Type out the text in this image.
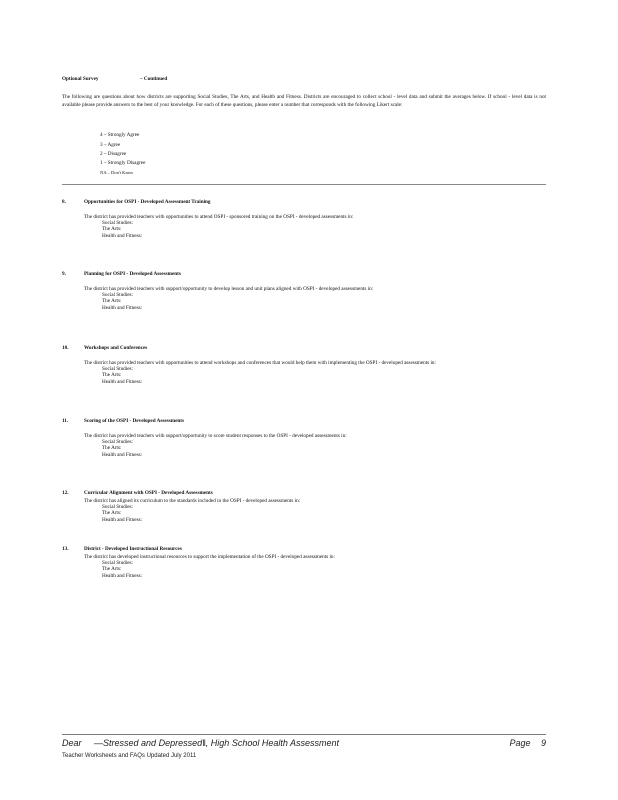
Optional Survey	– Continued
The following are questions about how districts are supporting Social Studies, The Arts, and Health and Fitness. Districts are encouraged to collect school - level data and submit the averages below. If school - level data is not available please provide answers to the best of your knowledge. For each of these questions, please enter a number that corresponds with the following Likert scale:
4 – Strongly Agree
3 – Agree
2 – Disagree
1 – Strongly Disagree
NA – Don't Know
8.	Opportunities for OSPI - Developed Assessment Training
The district has provided teachers with opportunities to attend OSPI - sponsored training on the OSPI - developed assessments in:
Social Studies:
The Arts:
Health and Fitness:
9.	Planning for OSPI - Developed Assessments
The district has provided teachers with support/opportunity to develop lesson and unit plans aligned with OSPI - developed assessments in:
Social Studies:
The Arts:
Health and Fitness:
10.	Workshops and Conferences
The district has provided teachers with opportunities to attend workshops and conferences that would help them with implementing the OSPI - developed assessments in:
Social Studies:
The Arts:
Health and Fitness:
11.	Scoring of the OSPI - Developed Assessments
The district has provided teachers with support/opportunity to score student responses to the OSPI - developed assessments in:
Social Studies:
The Arts:
Health and Fitness:
12.	Curricular Alignment with OSPI - Developed Assessments
The district has aligned its curriculum to the standards included in the OSPI - developed assessments in:
Social Studies:
The Arts:
Health and Fitness:
13.	District - Developed Instructional Resources
The district has developed instructional resources to support the implementation of the OSPI - developed assessments in:
Social Studies:
The Arts:
Health and Fitness:
Dear —Stressed and Depressed‖, High School Health Assessment	Page 9
Teacher Worksheets and FAQs Updated July 2011
